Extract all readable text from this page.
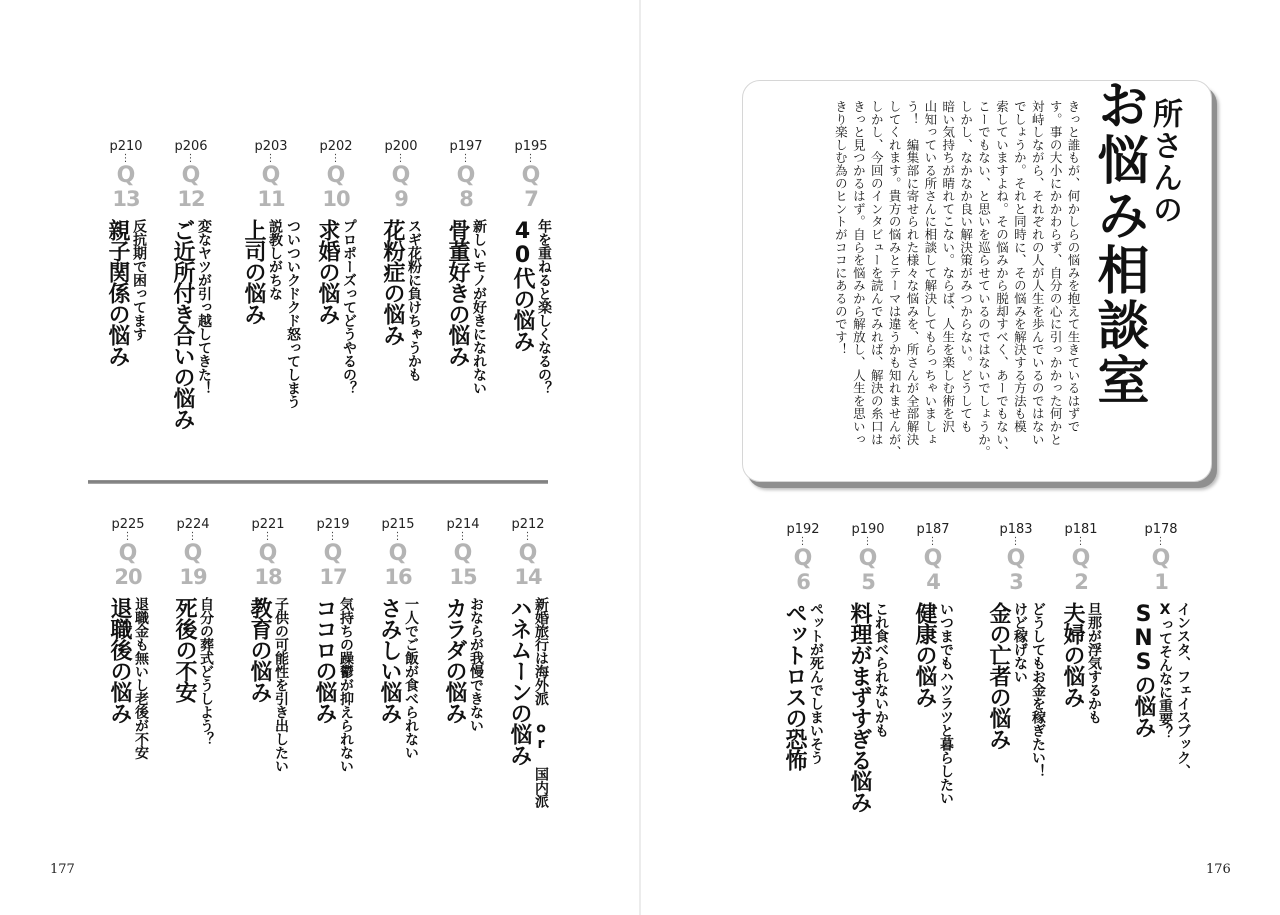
所さんの
お悩み相談室
きっと誰もが、何かしらの悩みを抱えて生きているはずで
す。事の大小にかかわらず、自分の心に引っかかった何かと
対峙しながら、それぞれの人が人生を歩んでいるのではない
でしょうか。それと同時に、その悩みを解決する方法も模
索していますよね。その悩みから脱却すべく、あーでもない、
こーでもない、と思いを巡らせているのではないでしょうか。
しかし、なかなか良い解決策がみつからない。どうしても
暗い気持ちが晴れてこない。ならば、人生を楽しむ術を沢
山知っている所さんに相談して解決してもらっちゃいましょ
う！　編集部に寄せられた様々な悩みを、所さんが全部解決
してくれます。貴方の悩みとテーマは違うかも知れませんが、
しかし、今回のインタビューを読んでみれば、解決の糸口は
きっと見つかるはず。自らを悩みから解放し、人生を思いっ
きり楽しむ為のヒントがココにあるのです！
p195
⋮
Q
7
年を重ねると楽しくなるの？
40代の悩み
p197
⋮
Q
8
新しいモノが好きになれない
骨董好きの悩み
p200
⋮
Q
9
スギ花粉に負けちゃうかも
花粉症の悩み
p202
⋮
Q
10
プロポーズってどうやるの？
求婚の悩み
p203
⋮
Q
11
ついついクドクド怒ってしまう
説教しがちな
上司の悩み
p206
⋮
Q
12
変なヤツが引っ越してきた！
ご近所付き合いの悩み
p210
⋮
Q
13
反抗期で困ってます
親子関係の悩み
p212
⋮
Q
14
新婚旅行は海外派 or 国内派
ハネムーンの悩み
p214
⋮
Q
15
おならが我慢できない
カラダの悩み
p215
⋮
Q
16
一人でご飯が食べられない
さみしい悩み
p219
⋮
Q
17
気持ちの躁鬱が抑えられない
ココロの悩み
p221
⋮
Q
18
子供の可能性を引き出したい
教育の悩み
p224
⋮
Q
19
自分の葬式どうしよう？
死後の不安
p225
⋮
Q
20
退職金も無いし老後が不安
退職後の悩み
p178
⋮
Q
1
インスタ、フェイスブック、
Xってそんなに重要？
SNSの悩み
p181
⋮
Q
2
旦那が浮気するかも
夫婦の悩み
p183
⋮
Q
3
どうしてもお金を稼ぎたい！
けど稼げない
金の亡者の悩み
p187
⋮
Q
4
いつまでもハツラツと暮らしたい
健康の悩み
p190
⋮
Q
5
これ食べられないかも
料理がまずすぎる悩み
p192
⋮
Q
6
ペットが死んでしまいそう
ペットロスの恐怖
177	176
